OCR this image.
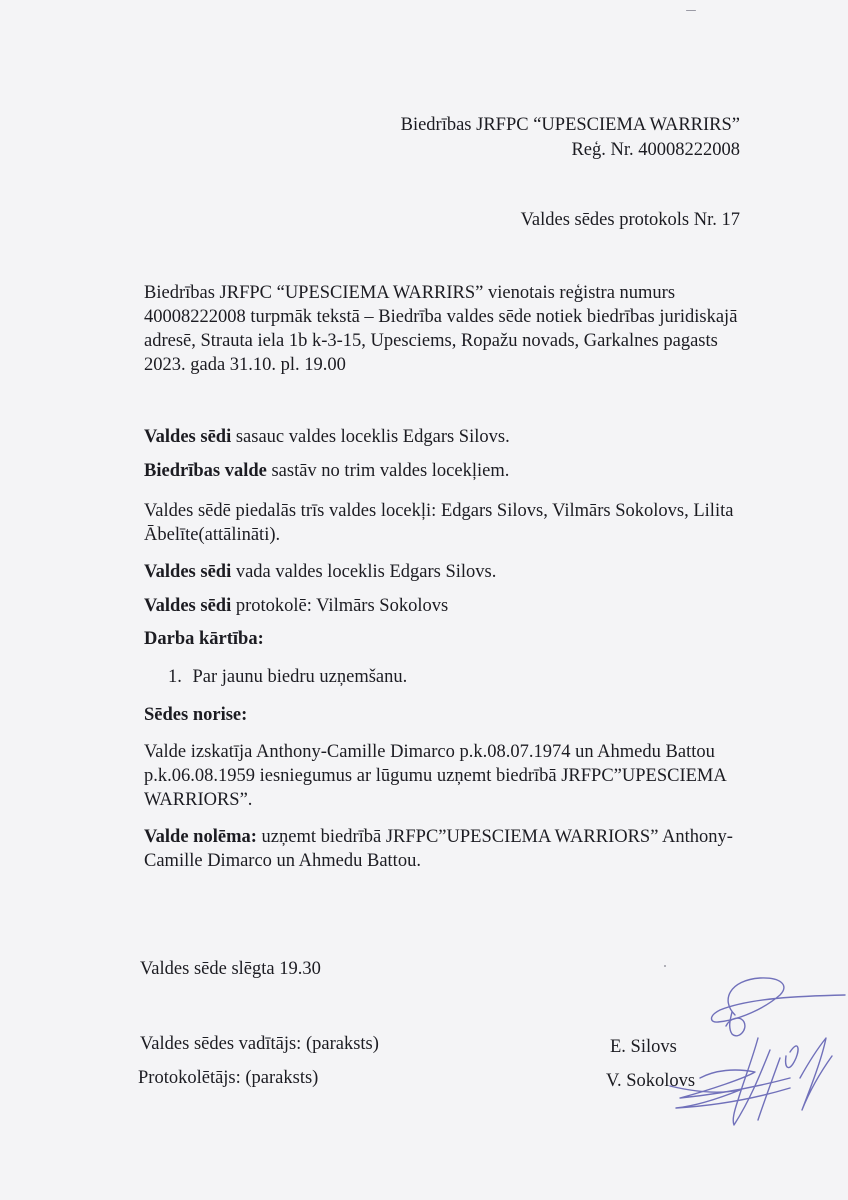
Biedrības JRFPC “UPESCIEMA WARRIRS”
Reģ. Nr. 40008222008
Valdes sēdes protokols Nr. 17
Biedrības JRFPC “UPESCIEMA WARRIRS” vienotais reģistra numurs 40008222008 turpmāk tekstā – Biedrība valdes sēde notiek biedrības juridiskajā adresē, Strauta iela 1b k-3-15, Upesciems, Ropažu novads, Garkalnes pagasts 2023. gada 31.10. pl. 19.00
Valdes sēdi sasauc valdes loceklis Edgars Silovs.
Biedrības valde sastāv no trim valdes locekļiem.
Valdes sēdē piedalās trīs valdes locekļi: Edgars Silovs, Vilmārs Sokolovs, Lilita Ābelīte(attālināti).
Valdes sēdi vada valdes loceklis Edgars Silovs.
Valdes sēdi protokolē: Vilmārs Sokolovs
Darba kārtība:
1. Par jaunu biedru uzņemšanu.
Sēdes norise:
Valde izskatīja Anthony-Camille Dimarco p.k.08.07.1974 un Ahmedu Battou p.k.06.08.1959 iesniegumus ar lūgumu uzņemt biedrībā JRFPC”UPESCIEMA WARRIORS”.
Valde nolēma: uzņemt biedrībā JRFPC”UPESCIEMA WARRIORS” Anthony-Camille Dimarco un Ahmedu Battou.
Valdes sēde slēgta 19.30
Valdes sēdes vadītājs: (paraksts)
Protokolētājs: (paraksts)
E. Silovs
V. Sokolovs
